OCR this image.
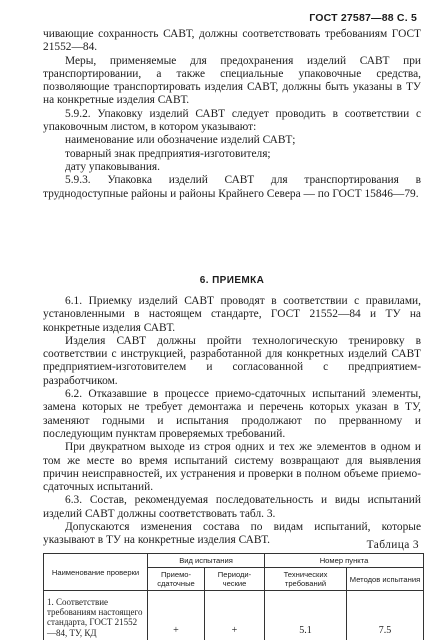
ГОСТ 27587—88 С. 5

чивающие сохранность САВТ, должны соответствовать требованиям ГОСТ 21552—84.

Меры, применяемые для предохранения изделий САВТ при транспортировании, а также специальные упаковочные средства, позволяющие транспортировать изделия САВТ, должны быть указаны в ТУ на конкретные изделия САВТ.

5.9.2. Упаковку изделий САВТ следует проводить в соответствии с упаковочным листом, в котором указывают:

наименование или обозначение изделий САВТ;

товарный знак предприятия-изготовителя;

дату упаковывания.

5.9.3. Упаковка изделий САВТ для транспортирования в труднодоступные районы и районы Крайнего Севера — по ГОСТ 15846—79.

6. ПРИЕМКА

6.1. Приемку изделий САВТ проводят в соответствии с правилами, установленными в настоящем стандарте, ГОСТ 21552—84 и ТУ на конкретные изделия САВТ.

Изделия САВТ должны пройти технологическую тренировку в соответствии с инструкцией, разработанной для конкретных изделий САВТ предприятием-изготовителем и согласованной с предприятием-разработчиком.

6.2. Отказавшие в процессе приемо-сдаточных испытаний элементы, замена которых не требует демонтажа и перечень которых указан в ТУ, заменяют годными и испытания продолжают по прерванному и последующим пунктам проверяемых требований.

При двукратном выходе из строя одних и тех же элементов в одном и том же месте во время испытаний систему возвращают для выявления причин неисправностей, их устранения и проверки в полном объеме приемо-сдаточных испытаний.

6.3. Состав, рекомендуемая последовательность и виды испытаний изделий САВТ должны соответствовать табл. 3.

Допускаются изменения состава по видам испытаний, которые указывают в ТУ на конкретные изделия САВТ.	Таблица 3
Наименование проверки	Вид испытания		Номер пункта	
	Приемо-сдаточные	Периоди-ческие	Технических требований	Методов испытания
1. Соответствие требованиям настоящего стандарта, ГОСТ 21552—84, ТУ, КД	+	+	5.1	7.5
